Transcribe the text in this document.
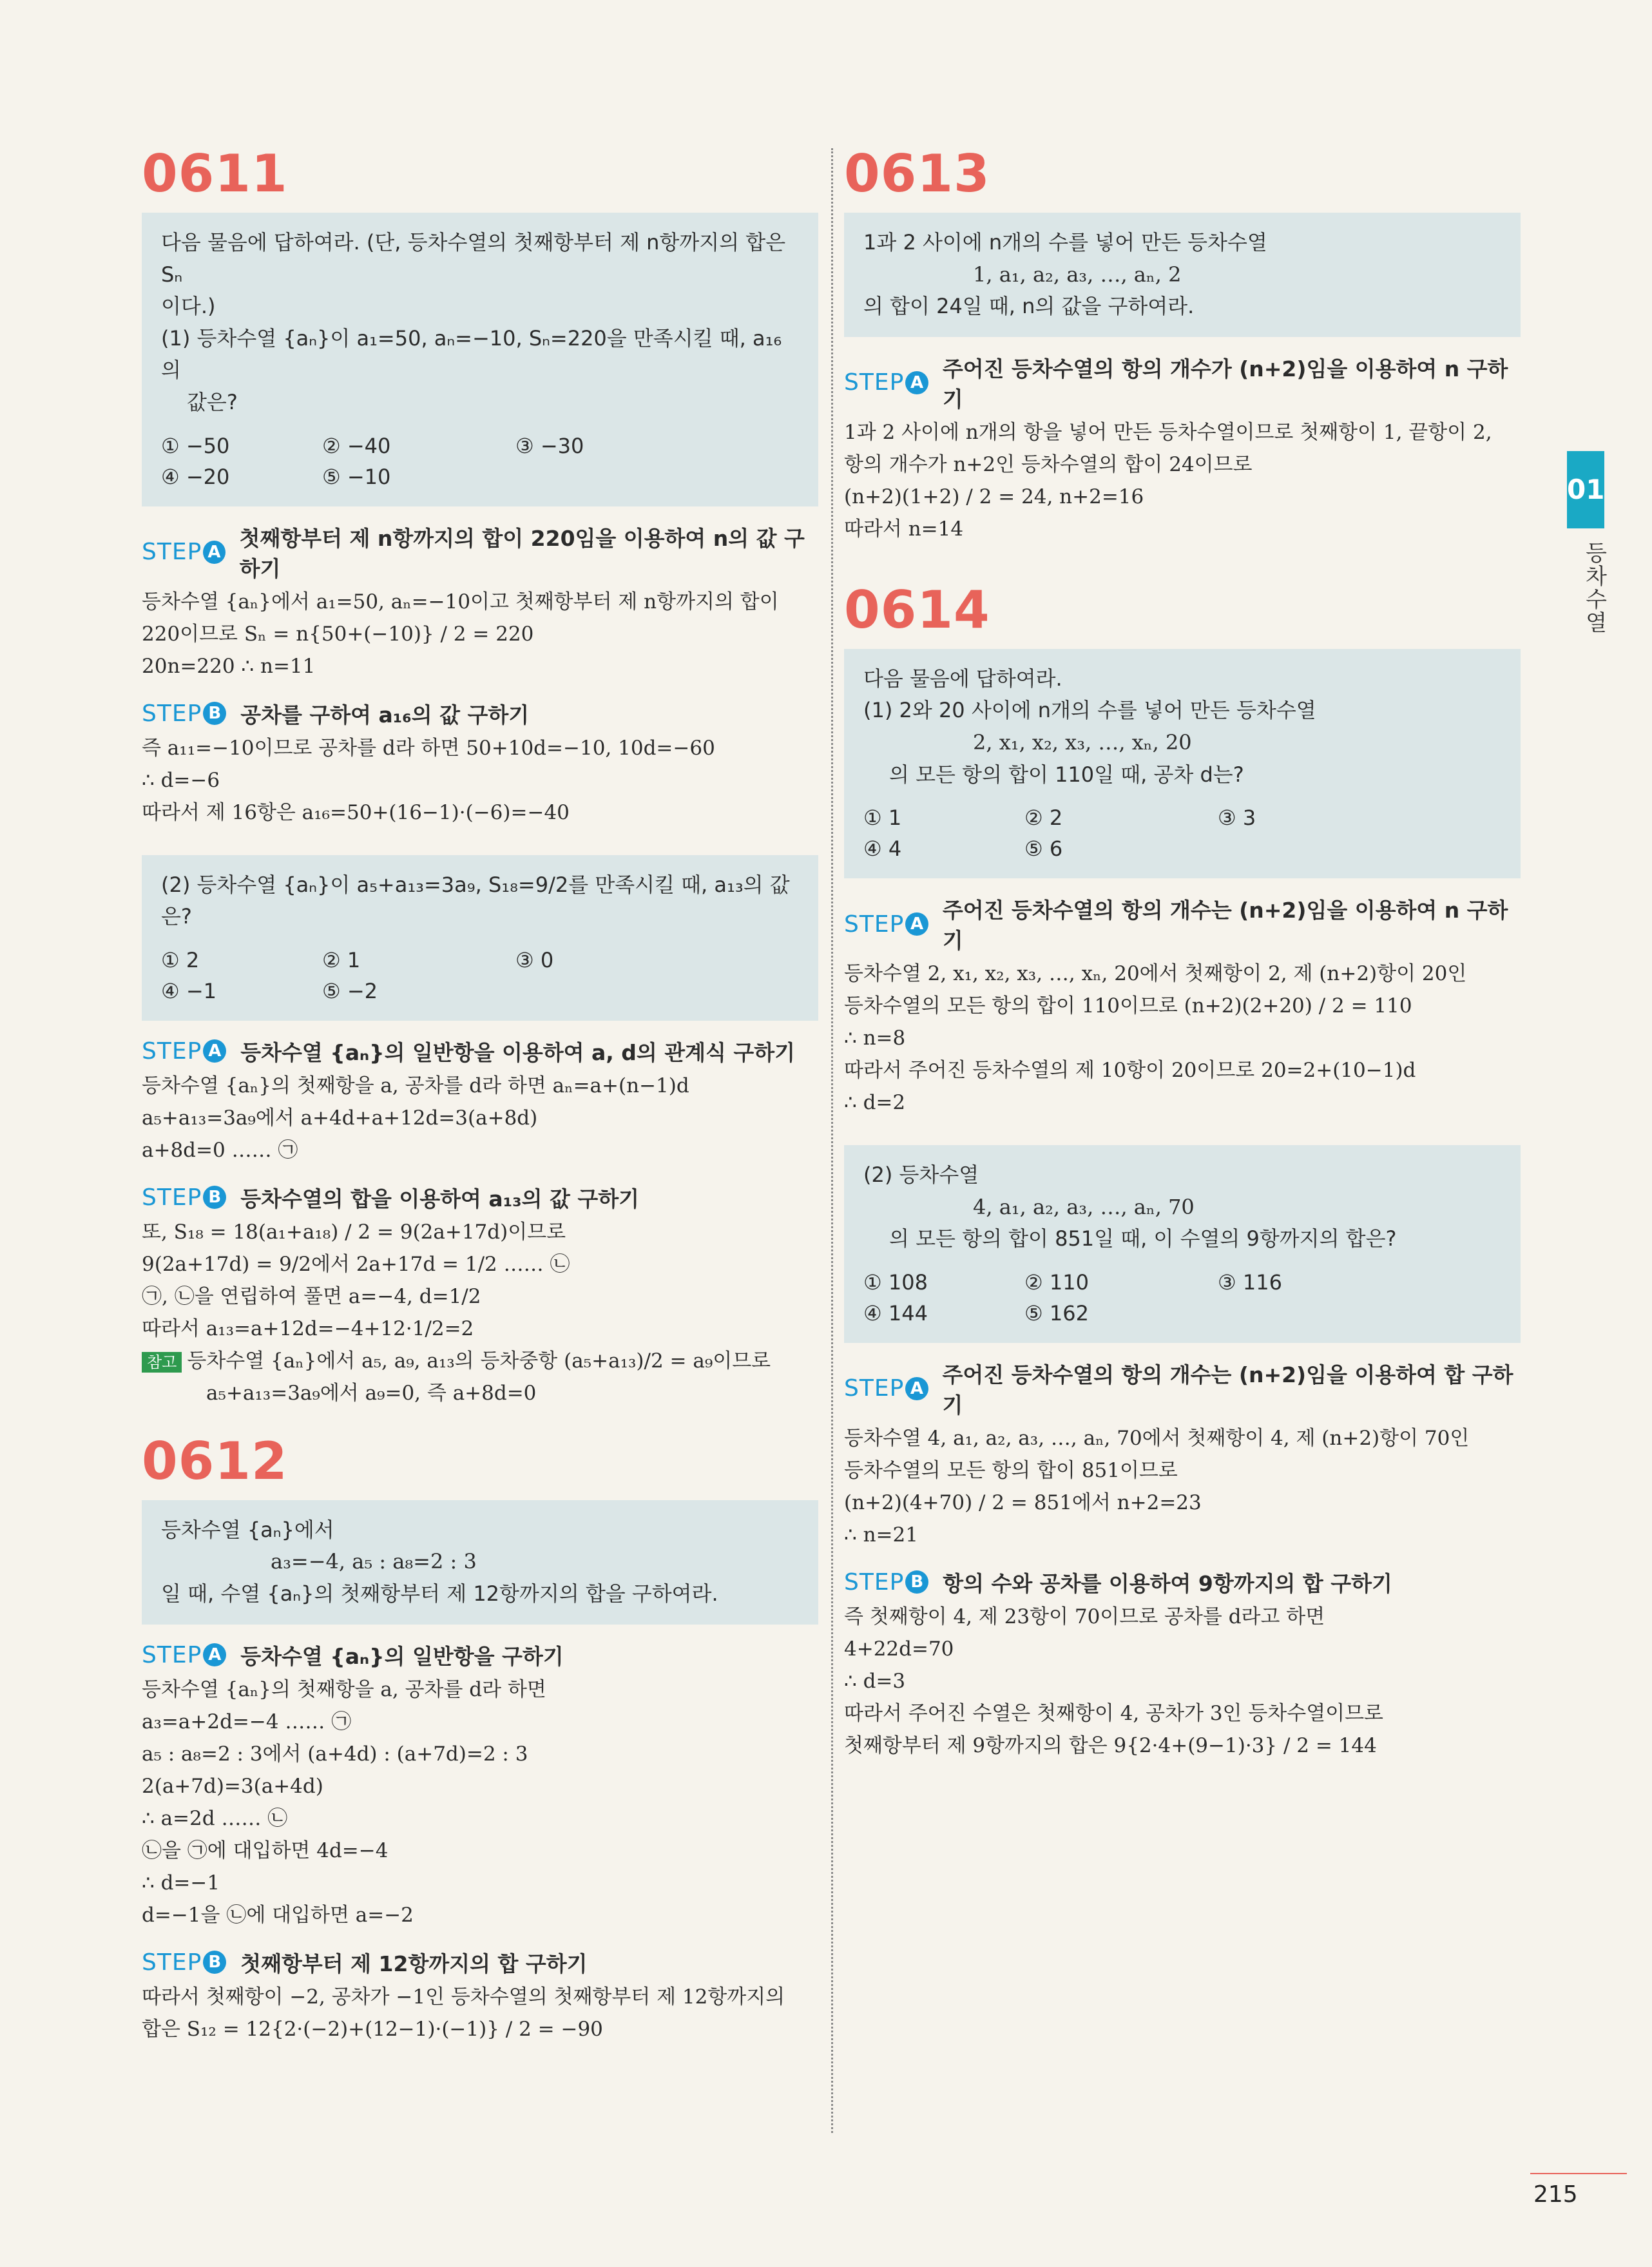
0611
다음 물음에 답하여라. (단, 등차수열의 첫째항부터 제 n항까지의 합은 Sₙ
이다.)
(1) 등차수열 {aₙ}이 a₁=50, aₙ=−10, Sₙ=220을 만족시킬 때, a₁₆의
값은?
① −50	② −40	③ −30
④ −20	⑤ −10
STEP A
첫째항부터 제 n항까지의 합이 220임을 이용하여 n의 값 구하기
등차수열 {aₙ}에서 a₁=50, aₙ=−10이고 첫째항부터 제 n항까지의 합이
220이므로 Sₙ = n{50+(−10)} / 2 = 220
20n=220 ∴ n=11
STEP B 공차를 구하여 a₁₆의 값 구하기
즉 a₁₁=−10이므로 공차를 d라 하면 50+10d=−10, 10d=−60
∴ d=−6
따라서 제 16항은 a₁₆=50+(16−1)·(−6)=−40
(2) 등차수열 {aₙ}이 a₅+a₁₃=3a₉, S₁₈=9/2를 만족시킬 때, a₁₃의 값은?
① 2	② 1	③ 0
④ −1	⑤ −2
STEP A 등차수열 {aₙ}의 일반항을 이용하여 a, d의 관계식 구하기
등차수열 {aₙ}의 첫째항을 a, 공차를 d라 하면 aₙ=a+(n−1)d
a₅+a₁₃=3a₉에서 a+4d+a+12d=3(a+8d)
a+8d=0 …… ㉠
STEP B 등차수열의 합을 이용하여 a₁₃의 값 구하기
또, S₁₈ = 18(a₁+a₁₈) / 2 = 9(2a+17d)이므로
9(2a+17d) = 9/2에서 2a+17d = 1/2 …… ㉡
㉠, ㉡을 연립하여 풀면 a=−4, d=1/2
따라서 a₁₃=a+12d=−4+12·1/2=2
참고 등차수열 {aₙ}에서 a₅, a₉, a₁₃의 등차중항 (a₅+a₁₃)/2 = a₉이므로
a₅+a₁₃=3a₉에서 a₉=0, 즉 a+8d=0
0612
등차수열 {aₙ}에서
a₃=−4, a₅ : a₈=2 : 3
일 때, 수열 {aₙ}의 첫째항부터 제 12항까지의 합을 구하여라.
STEP A 등차수열 {aₙ}의 일반항을 구하기
등차수열 {aₙ}의 첫째항을 a, 공차를 d라 하면
a₃=a+2d=−4 …… ㉠
a₅ : a₈=2 : 3에서 (a+4d) : (a+7d)=2 : 3
2(a+7d)=3(a+4d)
∴ a=2d …… ㉡
㉡을 ㉠에 대입하면 4d=−4
∴ d=−1
d=−1을 ㉡에 대입하면 a=−2
STEP B 첫째항부터 제 12항까지의 합 구하기
따라서 첫째항이 −2, 공차가 −1인 등차수열의 첫째항부터 제 12항까지의
합은 S₁₂ = 12{2·(−2)+(12−1)·(−1)} / 2 = −90
0613
1과 2 사이에 n개의 수를 넣어 만든 등차수열
1, a₁, a₂, a₃, …, aₙ, 2
의 합이 24일 때, n의 값을 구하여라.
STEP A
주어진 등차수열의 항의 개수가 (n+2)임을 이용하여 n 구하기
1과 2 사이에 n개의 항을 넣어 만든 등차수열이므로 첫째항이 1, 끝항이 2,
항의 개수가 n+2인 등차수열의 합이 24이므로
(n+2)(1+2) / 2 = 24, n+2=16
따라서 n=14
0614
다음 물음에 답하여라.
(1) 2와 20 사이에 n개의 수를 넣어 만든 등차수열
2, x₁, x₂, x₃, …, xₙ, 20
의 모든 항의 합이 110일 때, 공차 d는?
① 1	② 2	③ 3
④ 4	⑤ 6
STEP A
주어진 등차수열의 항의 개수는 (n+2)임을 이용하여 n 구하기
등차수열 2, x₁, x₂, x₃, …, xₙ, 20에서 첫째항이 2, 제 (n+2)항이 20인
등차수열의 모든 항의 합이 110이므로 (n+2)(2+20) / 2 = 110
∴ n=8
따라서 주어진 등차수열의 제 10항이 20이므로 20=2+(10−1)d
∴ d=2
(2) 등차수열
4, a₁, a₂, a₃, …, aₙ, 70
의 모든 항의 합이 851일 때, 이 수열의 9항까지의 합은?
① 108	② 110	③ 116
④ 144	⑤ 162
STEP A
주어진 등차수열의 항의 개수는 (n+2)임을 이용하여 합 구하기
등차수열 4, a₁, a₂, a₃, …, aₙ, 70에서 첫째항이 4, 제 (n+2)항이 70인
등차수열의 모든 항의 합이 851이므로
(n+2)(4+70) / 2 = 851에서 n+2=23
∴ n=21
STEP B 항의 수와 공차를 이용하여 9항까지의 합 구하기
즉 첫째항이 4, 제 23항이 70이므로 공차를 d라고 하면
4+22d=70
∴ d=3
따라서 주어진 수열은 첫째항이 4, 공차가 3인 등차수열이므로
첫째항부터 제 9항까지의 합은 9{2·4+(9−1)·3} / 2 = 144
01
등차수열
215
